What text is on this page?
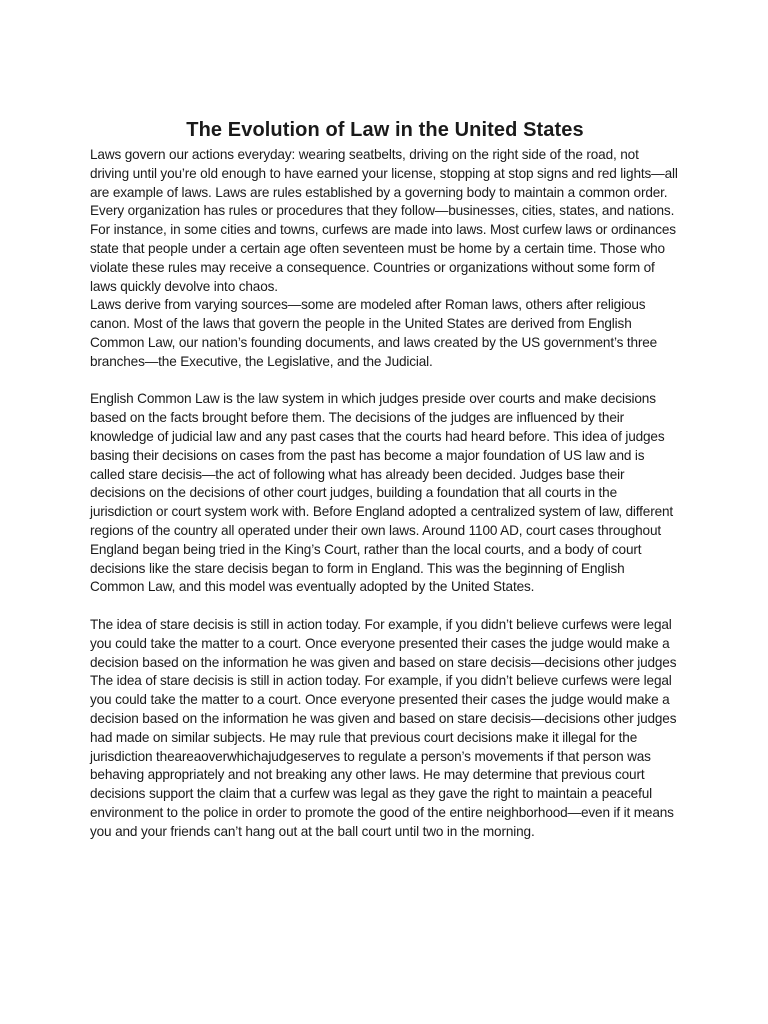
The Evolution of Law in the United States

Laws govern our actions everyday: wearing seatbelts, driving on the right side of the road, not driving until you’re old enough to have earned your license, stopping at stop signs and red lights—all are example of laws. Laws are rules established by a governing body to maintain a common order. Every organization has rules or procedures that they follow—businesses, cities, states, and nations. For instance, in some cities and towns, curfews are made into laws. Most curfew laws or ordinances state that people under a certain age often seventeen must be home by a certain time. Those who violate these rules may receive a consequence. Countries or organizations without some form of laws quickly devolve into chaos.

Laws derive from varying sources—some are modeled after Roman laws, others after religious canon. Most of the laws that govern the people in the United States are derived from English Common Law, our nation’s founding documents, and laws created by the US government’s three branches—the Executive, the Legislative, and the Judicial.

English Common Law is the law system in which judges preside over courts and make decisions based on the facts brought before them. The decisions of the judges are influenced by their knowledge of judicial law and any past cases that the courts had heard before. This idea of judges basing their decisions on cases from the past has become a major foundation of US law and is called stare decisis—the act of following what has already been decided. Judges base their decisions on the decisions of other court judges, building a foundation that all courts in the jurisdiction or court system work with. Before England adopted a centralized system of law, different regions of the country all operated under their own laws. Around 1100 AD, court cases throughout England began being tried in the King’s Court, rather than the local courts, and a body of court decisions like the stare decisis began to form in England. This was the beginning of English Common Law, and this model was eventually adopted by the United States.

The idea of stare decisis is still in action today. For example, if you didn’t believe curfews were legal you could take the matter to a court. Once everyone presented their cases the judge would make a decision based on the information he was given and based on stare decisis—decisions other judges

The idea of stare decisis is still in action today. For example, if you didn’t believe curfews were legal you could take the matter to a court. Once everyone presented their cases the judge would make a decision based on the information he was given and based on stare decisis—decisions other judges had made on similar subjects. He may rule that previous court decisions make it illegal for the jurisdiction theareaoverwhichajudgeserves to regulate a person’s movements if that person was behaving appropriately and not breaking any other laws. He may determine that previous court decisions support the claim that a curfew was legal as they gave the right to maintain a peaceful environment to the police in order to promote the good of the entire neighborhood—even if it means you and your friends can’t hang out at the ball court until two in the morning.
